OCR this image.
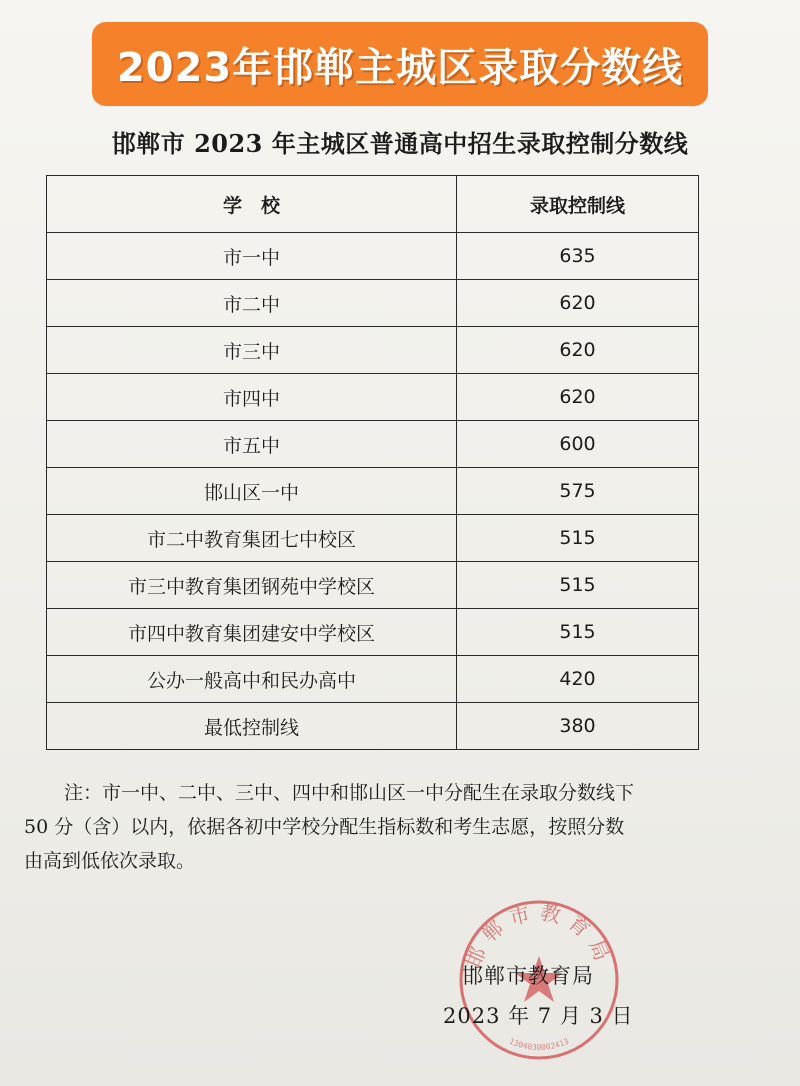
2023年邯郸主城区录取分数线
邯郸市 2023 年主城区普通高中招生录取控制分数线
学　校	录取控制线
市一中	635
市二中	620
市三中	620
市四中	620
市五中	600
邯山区一中	575
市二中教育集团七中校区	515
市三中教育集团钢苑中学校区	515
市四中教育集团建安中学校区	515
公办一般高中和民办高中	420
最低控制线	380
注：市一中、二中、三中、四中和邯山区一中分配生在录取分数线下
50 分（含）以内，依据各初中学校分配生指标数和考生志愿，按照分数
由高到低依次录取。
邯郸市教育局
1304030002413
邯郸市教育局
2023 年 7 月 3 日
